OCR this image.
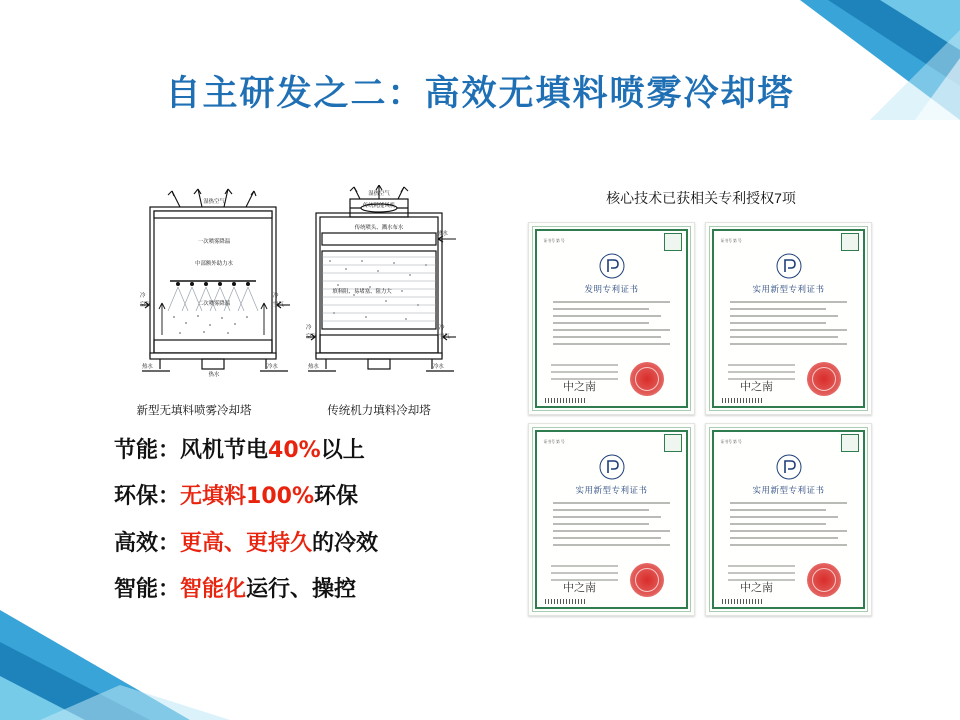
自主研发之二：高效无填料喷雾冷却塔
湿热空气
一次喷雾降温
中部额外助力水
二次喷雾降温
热水
冷
空气
冷
空气
热水	冷水
湿热空气
传统耗能风机
传统喷头、溅水布水
填料阻、易堵塞、阻力大
热水
冷
空气
冷
空气
热水	冷水
新型无填料喷雾冷却塔	传统机力填料冷却塔
节能：风机节电40%以上
环保：无填料100%环保
高效：更高、更持久的冷效
智能：智能化运行、操控
核心技术已获相关专利授权7项
证书号 第 号
发明专利证书
中之南
证书号 第 号
实用新型专利证书
中之南
证书号 第 号
实用新型专利证书
中之南
证书号 第 号
实用新型专利证书
中之南
